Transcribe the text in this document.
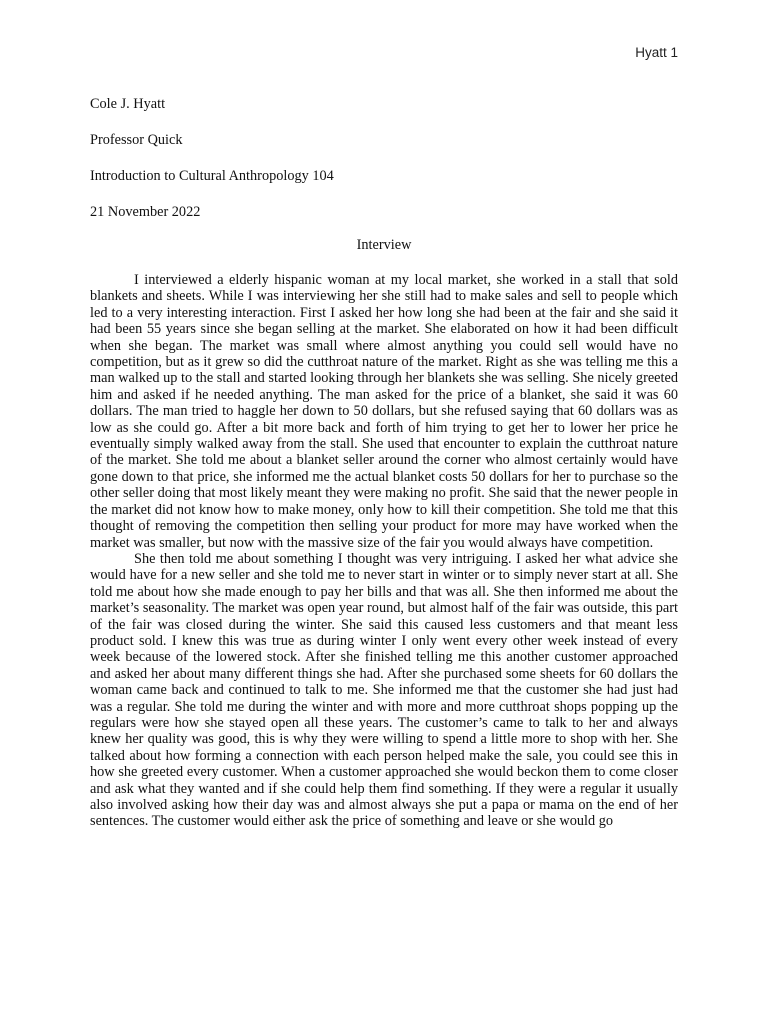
Hyatt 1
Cole J. Hyatt
Professor Quick
Introduction to Cultural Anthropology 104
21 November 2022
Interview

I interviewed a elderly hispanic woman at my local market, she worked in a stall that sold blankets and sheets. While I was interviewing her she still had to make sales and sell to people which led to a very interesting interaction. First I asked her how long she had been at the fair and she said it had been 55 years since she began selling at the market. She elaborated on how it had been difficult when she began. The market was small where almost anything you could sell would have no competition, but as it grew so did the cutthroat nature of the market. Right as she was telling me this a man walked up to the stall and started looking through her blankets she was selling. She nicely greeted him and asked if he needed anything. The man asked for the price of a blanket, she said it was 60 dollars. The man tried to haggle her down to 50 dollars, but she refused saying that 60 dollars was as low as she could go. After a bit more back and forth of him trying to get her to lower her price he eventually simply walked away from the stall. She used that encounter to explain the cutthroat nature of the market. She told me about a blanket seller around the corner who almost certainly would have gone down to that price, she informed me the actual blanket costs 50 dollars for her to purchase so the other seller doing that most likely meant they were making no profit. She said that the newer people in the market did not know how to make money, only how to kill their competition. She told me that this thought of removing the competition then selling your product for more may have worked when the market was smaller, but now with the massive size of the fair you would always have competition.

She then told me about something I thought was very intriguing. I asked her what advice she would have for a new seller and she told me to never start in winter or to simply never start at all. She told me about how she made enough to pay her bills and that was all. She then informed me about the market’s seasonality. The market was open year round, but almost half of the fair was outside, this part of the fair was closed during the winter. She said this caused less customers and that meant less product sold. I knew this was true as during winter I only went every other week instead of every week because of the lowered stock. After she finished telling me this another customer approached and asked her about many different things she had. After she purchased some sheets for 60 dollars the woman came back and continued to talk to me. She informed me that the customer she had just had was a regular. She told me during the winter and with more and more cutthroat shops popping up the regulars were how she stayed open all these years. The customer’s came to talk to her and always knew her quality was good, this is why they were willing to spend a little more to shop with her. She talked about how forming a connection with each person helped make the sale, you could see this in how she greeted every customer. When a customer approached she would beckon them to come closer and ask what they wanted and if she could help them find something. If they were a regular it usually also involved asking how their day was and almost always she put a papa or mama on the end of her sentences. The customer would either ask the price of something and leave or she would go
